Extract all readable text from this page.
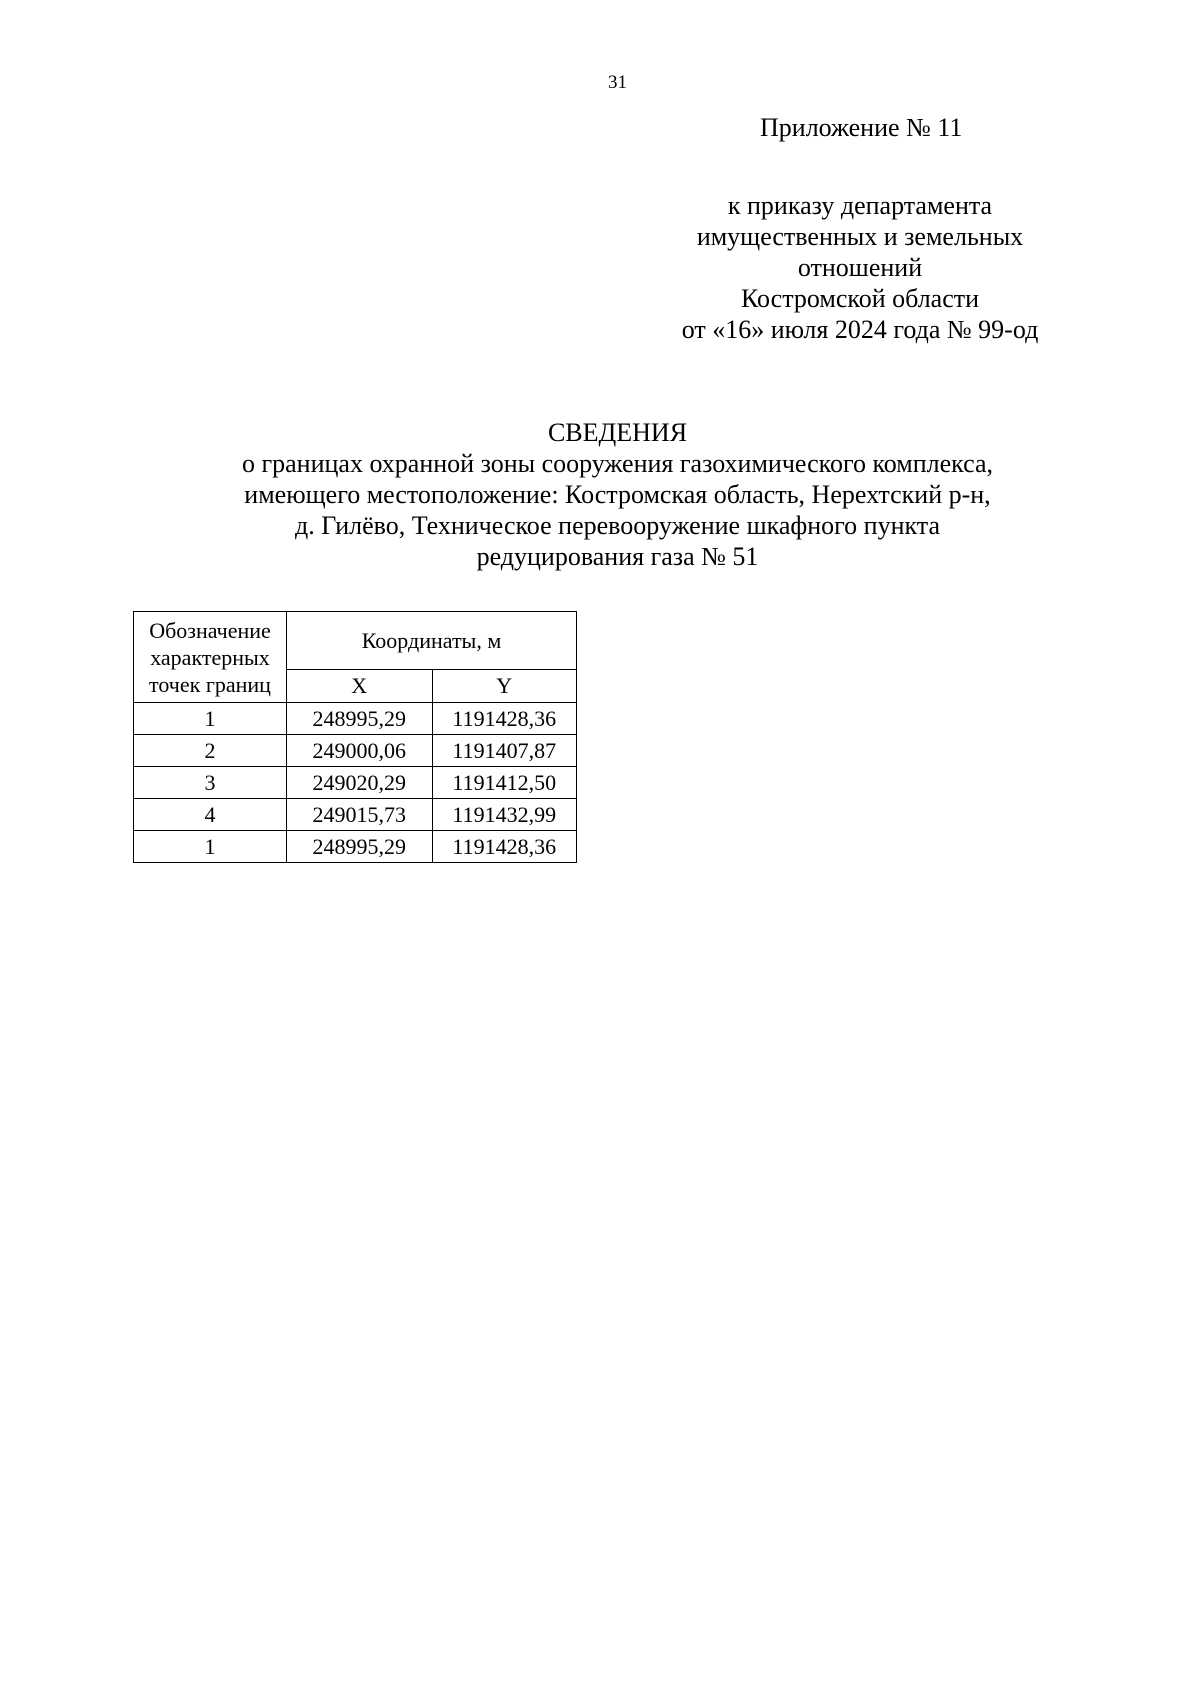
31
Приложение № 11
к приказу департамента
имущественных и земельных
отношений
Костромской области
от «16» июля 2024 года № 99-од
СВЕДЕНИЯ
о границах охранной зоны сооружения газохимического комплекса,
имеющего местоположение: Костромская область, Нерехтский р-н,
д. Гилёво, Техническое перевооружение шкафного пункта
редуцирования газа № 51
Обозначение
характерных
точек границ	Координаты, м	
	X	Y
1	248995,29	1191428,36
2	249000,06	1191407,87
3	249020,29	1191412,50
4	249015,73	1191432,99
1	248995,29	1191428,36
